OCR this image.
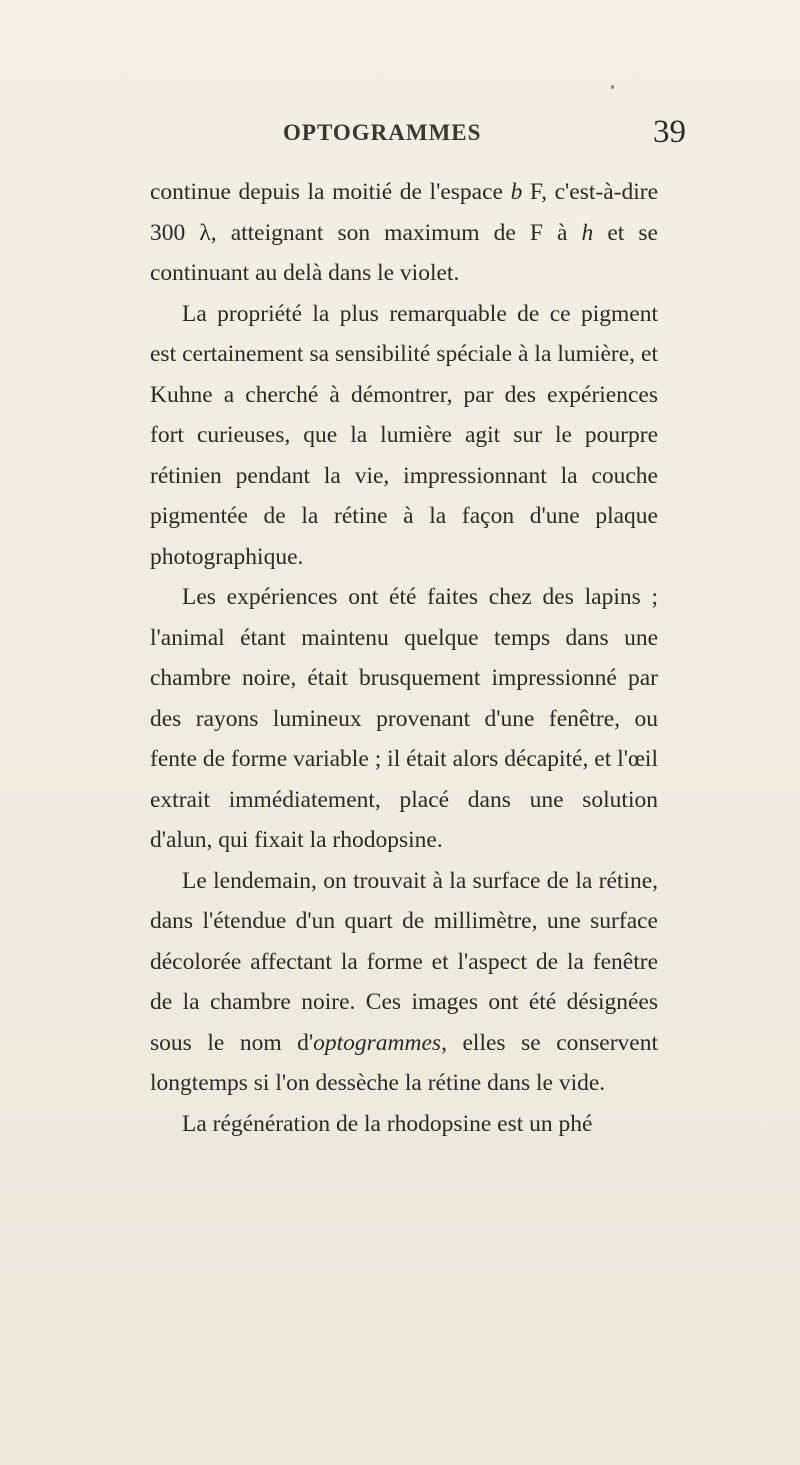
OPTOGRAMMES	39

continue depuis la moitié de l'espace b F, c'est-à-dire 300 λ, atteignant son maximum de F à h et se continuant au delà dans le violet.

La propriété la plus remarquable de ce pigment est certainement sa sensibilité spéciale à la lumière, et Kuhne a cherché à démontrer, par des expériences fort curieuses, que la lumière agit sur le pourpre rétinien pendant la vie, impressionnant la couche pigmentée de la rétine à la façon d'une plaque photographique.

Les expériences ont été faites chez des lapins ; l'animal étant maintenu quelque temps dans une chambre noire, était brusquement impressionné par des rayons lumineux provenant d'une fenêtre, ou fente de forme variable ; il était alors décapité, et l'œil extrait immédiatement, placé dans une solution d'alun, qui fixait la rhodopsine.

Le lendemain, on trouvait à la surface de la rétine, dans l'étendue d'un quart de millimètre, une surface décolorée affectant la forme et l'aspect de la fenêtre de la chambre noire. Ces images ont été désignées sous le nom d'optogrammes, elles se conservent longtemps si l'on dessèche la rétine dans le vide.

La régénération de la rhodopsine est un phé
